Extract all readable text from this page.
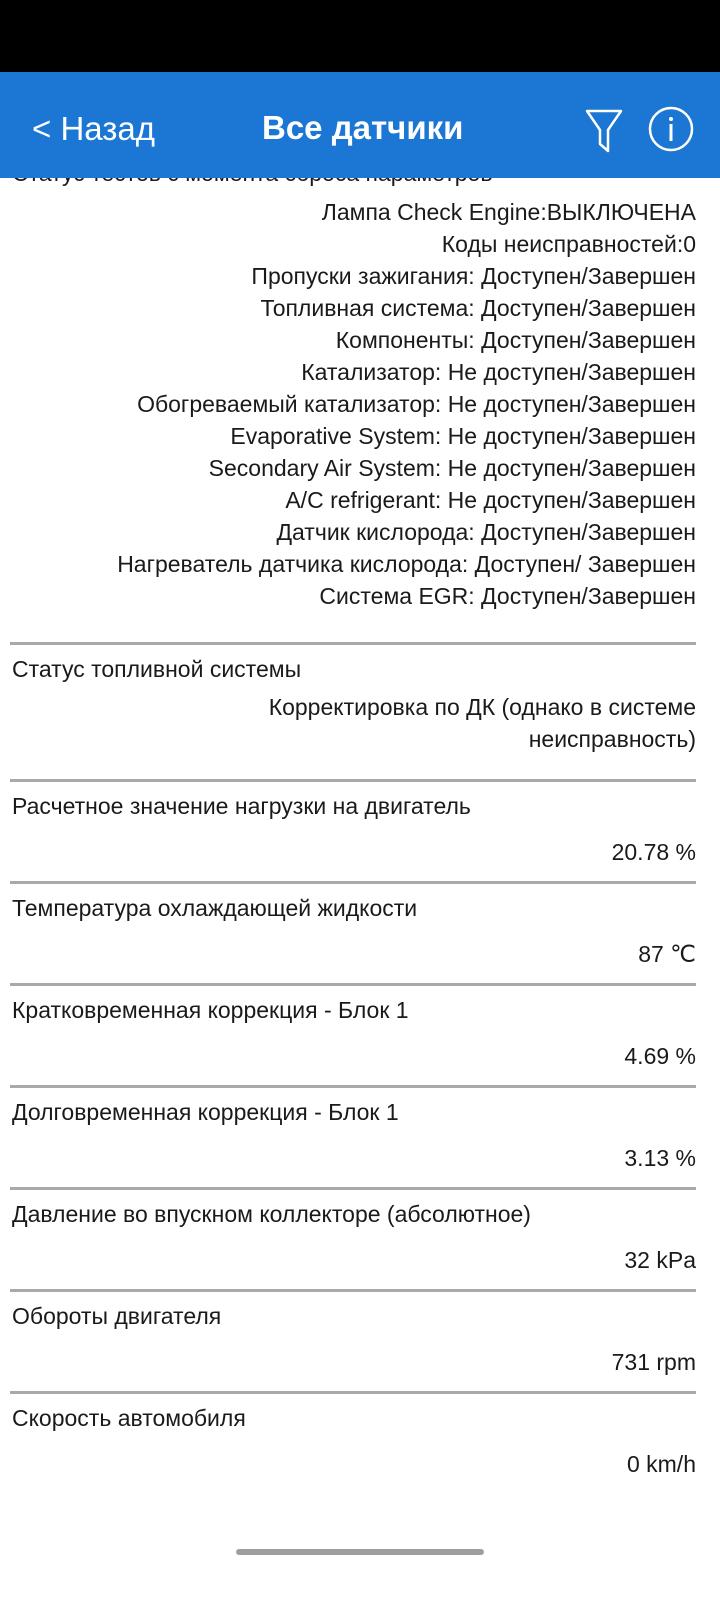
< Назад	Все датчики
Лампа Check Engine:ВЫКЛЮЧЕНА
Коды неисправностей:0
Пропуски зажигания: Доступен/Завершен
Топливная система: Доступен/Завершен
Компоненты: Доступен/Завершен
Катализатор: Не доступен/Завершен
Обогреваемый катализатор: Не доступен/Завершен
Evaporative System: Не доступен/Завершен
Secondary Air System: Не доступен/Завершен
A/C refrigerant: Не доступен/Завершен
Датчик кислорода: Доступен/Завершен
Нагреватель датчика кислорода: Доступен/ Завершен
Система EGR: Доступен/Завершен
Статус топливной системы
Корректировка по ДК (однако в системе неисправность)
Расчетное значение нагрузки на двигатель
20.78 %
Температура охлаждающей жидкости
87 ℃
Кратковременная коррекция - Блок 1
4.69 %
Долговременная коррекция - Блок 1
3.13 %
Давление во впускном коллекторе (абсолютное)
32 kPa
Обороты двигателя
731 rpm
Скорость автомобиля
0 km/h
